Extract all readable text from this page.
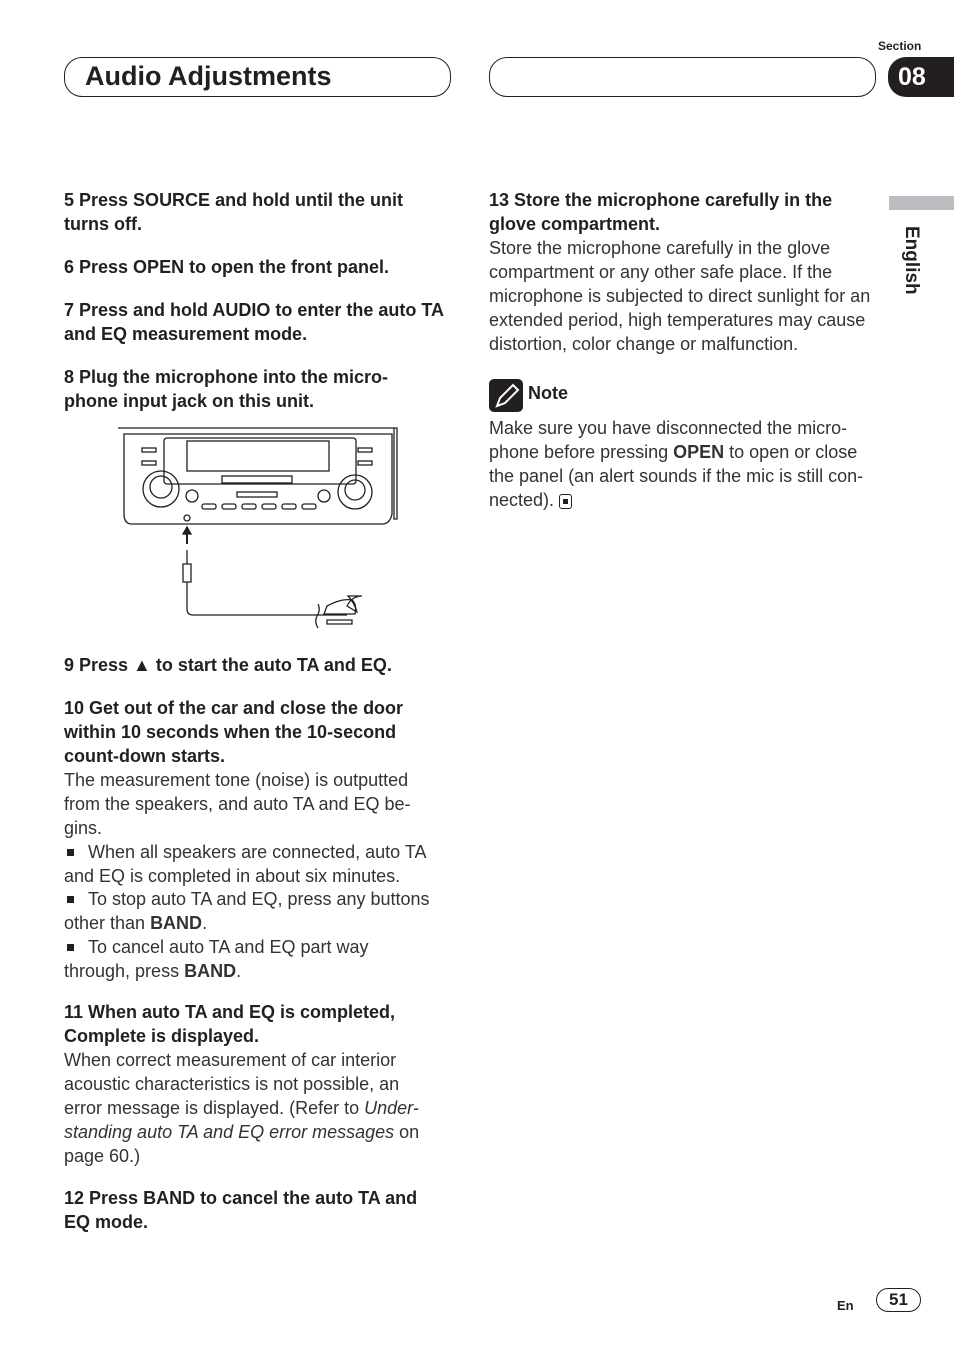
Audio Adjustments
Section
08
English
5 Press SOURCE and hold until the unit turns off.
6 Press OPEN to open the front panel.
7 Press and hold AUDIO to enter the auto TA and EQ measurement mode.
8 Plug the microphone into the micro-phone input jack on this unit.
9 Press ▲ to start the auto TA and EQ.
10 Get out of the car and close the door within 10 seconds when the 10-second count-down starts.
The measurement tone (noise) is outputted from the speakers, and auto TA and EQ be-gins.
When all speakers are connected, auto TA and EQ is completed in about six minutes.
To stop auto TA and EQ, press any buttons other than BAND.
To cancel auto TA and EQ part way through, press BAND.
11 When auto TA and EQ is completed, Complete is displayed.
When correct measurement of car interior acoustic characteristics is not possible, an error message is displayed. (Refer to Under-standing auto TA and EQ error messages on page 60.)
12 Press BAND to cancel the auto TA and EQ mode.
13 Store the microphone carefully in the glove compartment.
Store the microphone carefully in the glove compartment or any other safe place. If the microphone is subjected to direct sunlight for an extended period, high temperatures may cause distortion, color change or malfunction.
Note
Make sure you have disconnected the micro-phone before pressing OPEN to open or close the panel (an alert sounds if the mic is still con-nected).
En	51
